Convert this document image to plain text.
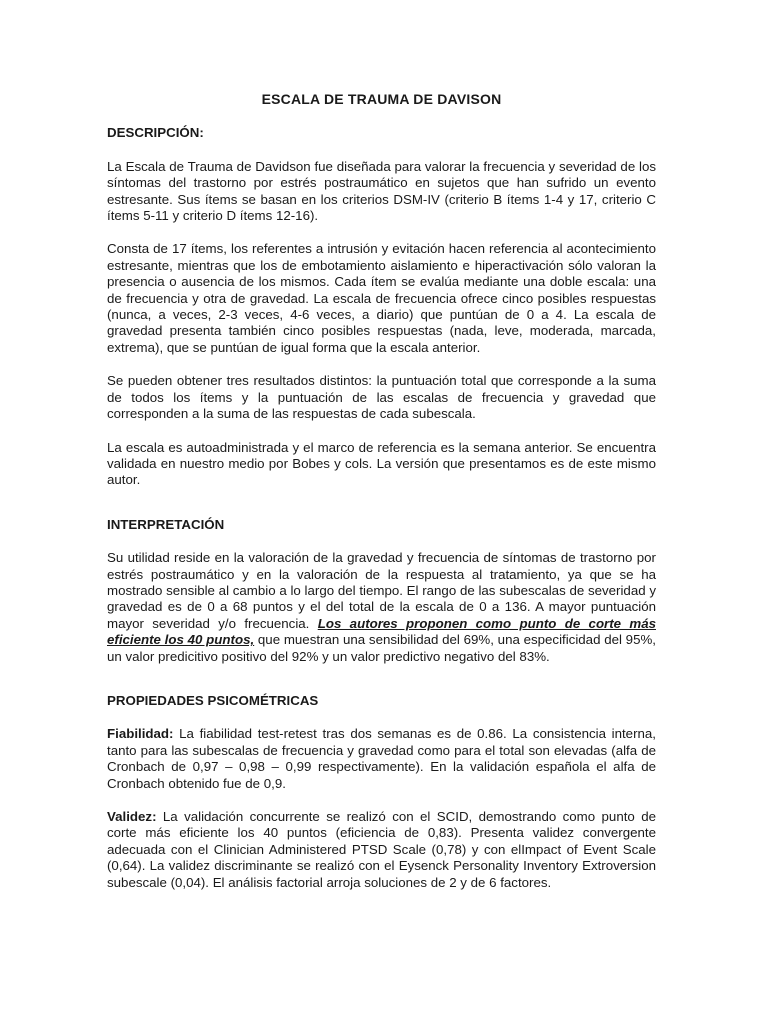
ESCALA DE TRAUMA DE DAVISON
DESCRIPCIÓN:

La Escala de Trauma de Davidson fue diseñada para valorar la frecuencia y severidad de los síntomas del trastorno por estrés postraumático en sujetos que han sufrido un evento estresante. Sus ítems se basan en los criterios DSM-IV (criterio B ítems 1-4 y 17, criterio C ítems 5-11 y criterio D ítems 12-16).

Consta de 17 ítems, los referentes a intrusión y evitación hacen referencia al acontecimiento estresante, mientras que los de embotamiento aislamiento e hiperactivación sólo valoran la presencia o ausencia de los mismos. Cada ítem se evalúa mediante una doble escala: una de frecuencia y otra de gravedad. La escala de frecuencia ofrece cinco posibles respuestas (nunca, a veces, 2-3 veces, 4-6 veces, a diario) que puntúan de 0 a 4. La escala de gravedad presenta también cinco posibles respuestas (nada, leve, moderada, marcada, extrema), que se puntúan de igual forma que la escala anterior.

Se pueden obtener tres resultados distintos: la puntuación total que corresponde a la suma de todos los ítems y la puntuación de las escalas de frecuencia y gravedad que corresponden a la suma de las respuestas de cada subescala.

La escala es autoadministrada y el marco de referencia es la semana anterior. Se encuentra validada en nuestro medio por Bobes y cols. La versión que presentamos es de este mismo autor.

INTERPRETACIÓN

Su utilidad reside en la valoración de la gravedad y frecuencia de síntomas de trastorno por estrés postraumático y en la valoración de la respuesta al tratamiento, ya que se ha mostrado sensible al cambio a lo largo del tiempo. El rango de las subescalas de severidad y gravedad es de 0 a 68 puntos y el del total de la escala de 0 a 136. A mayor puntuación mayor severidad y/o frecuencia. Los autores proponen como punto de corte más eficiente los 40 puntos, que muestran una sensibilidad del 69%, una especificidad del 95%, un valor predicitivo positivo del 92% y un valor predictivo negativo del 83%.

PROPIEDADES PSICOMÉTRICAS

Fiabilidad: La fiabilidad test-retest tras dos semanas es de 0.86. La consistencia interna, tanto para las subescalas de frecuencia y gravedad como para el total son elevadas (alfa de Cronbach de 0,97 – 0,98 – 0,99 respectivamente). En la validación española el alfa de Cronbach obtenido fue de 0,9.

Validez: La validación concurrente se realizó con el SCID, demostrando como punto de corte más eficiente los 40 puntos (eficiencia de 0,83). Presenta validez convergente adecuada con el Clinician Administered PTSD Scale (0,78) y con elImpact of Event Scale (0,64). La validez discriminante se realizó con el Eysenck Personality Inventory Extroversion subescale (0,04). El análisis factorial arroja soluciones de 2 y de 6 factores.
